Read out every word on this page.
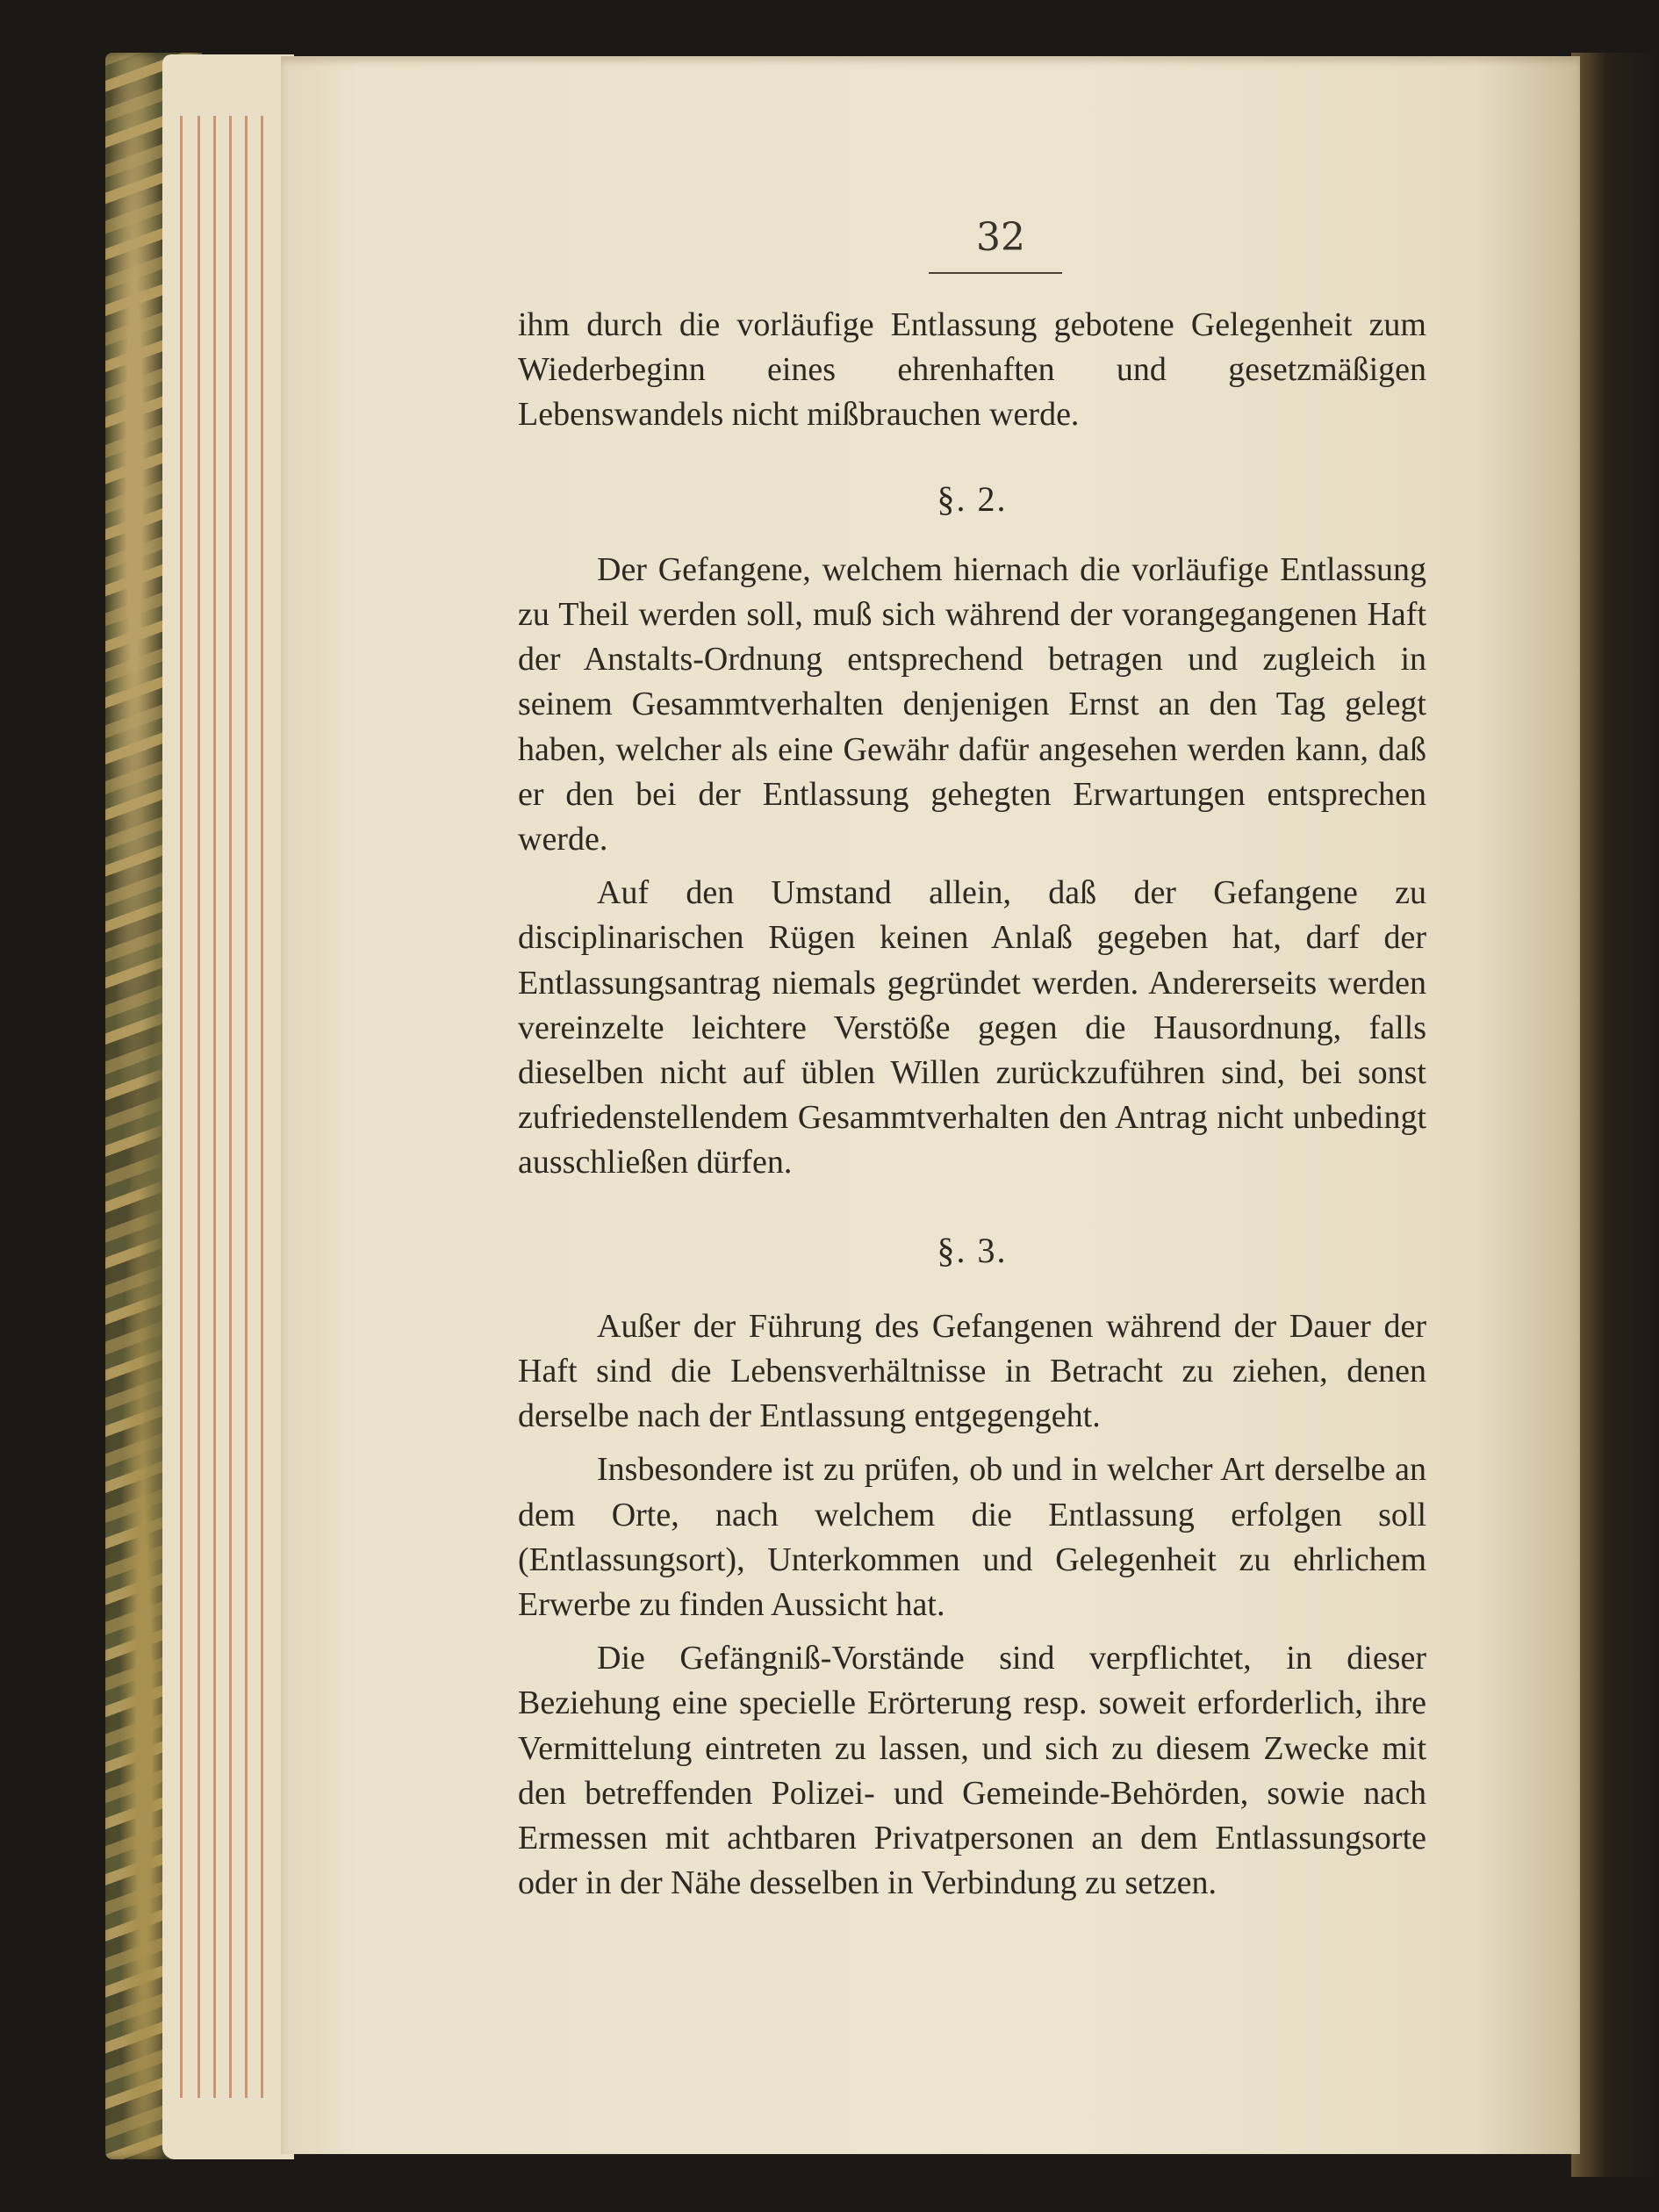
32

ihm durch die vorläufige Entlassung gebotene Gelegenheit zum Wiederbeginn eines ehrenhaften und gesetzmäßigen Lebenswandels nicht mißbrauchen werde.

§. 2.

Der Gefangene, welchem hiernach die vorläufige Entlassung zu Theil werden soll, muß sich während der vorangegangenen Haft der Anstalts-Ordnung entsprechend betragen und zugleich in seinem Gesammtverhalten denjenigen Ernst an den Tag gelegt haben, welcher als eine Gewähr dafür angesehen werden kann, daß er den bei der Entlassung gehegten Erwartungen entsprechen werde.

Auf den Umstand allein, daß der Gefangene zu disciplinarischen Rügen keinen Anlaß gegeben hat, darf der Entlassungsantrag niemals gegründet werden. Andererseits werden vereinzelte leichtere Verstöße gegen die Hausordnung, falls dieselben nicht auf üblen Willen zurückzuführen sind, bei sonst zufriedenstellendem Gesammtverhalten den Antrag nicht unbedingt ausschließen dürfen.

§. 3.

Außer der Führung des Gefangenen während der Dauer der Haft sind die Lebensverhältnisse in Betracht zu ziehen, denen derselbe nach der Entlassung entgegengeht.

Insbesondere ist zu prüfen, ob und in welcher Art derselbe an dem Orte, nach welchem die Entlassung erfolgen soll (Entlassungsort), Unterkommen und Gelegenheit zu ehrlichem Erwerbe zu finden Aussicht hat.

Die Gefängniß-Vorstände sind verpflichtet, in dieser Beziehung eine specielle Erörterung resp. soweit erforderlich, ihre Vermittelung eintreten zu lassen, und sich zu diesem Zwecke mit den betreffenden Polizei- und Gemeinde-Behörden, sowie nach Ermessen mit achtbaren Privatpersonen an dem Entlassungsorte oder in der Nähe desselben in Verbindung zu setzen.
